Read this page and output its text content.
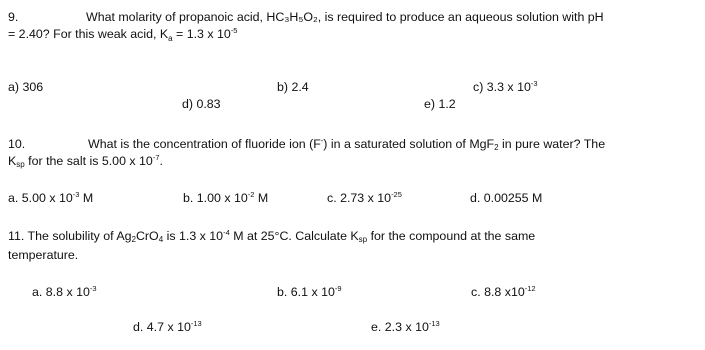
9.	What molarity of propanoic acid, HC₃H₅O₂, is required to produce an aqueous solution with pH
= 2.40? For this weak acid, $K_a = 1.3$ x $10^{-5}$
a) 306	b) 2.4	c) 3.3 x $10^{-3}$
d) 0.83	e) 1.2
10.	What is the concentration of fluoride ion (F-) in a saturated solution of MgF$_2$ in pure water? The
$K_{sp}$ for the salt is 5.00 x $10^{-7}$.
a. 5.00 x $10^{-3}$ M	b. 1.00 x $10^{-2}$ M	c. 2.73 x $10^{-25}$	d. 0.00255 M
11. The solubility of $Ag_2CrO_4$ is 1.3 x $10^{-4}$ M at 25°C. Calculate $K_{sp}$ for the compound at the same
temperature.
a. 8.8 x $10^{-3}$	b. 6.1 x $10^{-9}$	c. 8.8 $x10^{-12}$
d. 4.7 x $10^{-13}$	e. 2.3 x $10^{-13}$
